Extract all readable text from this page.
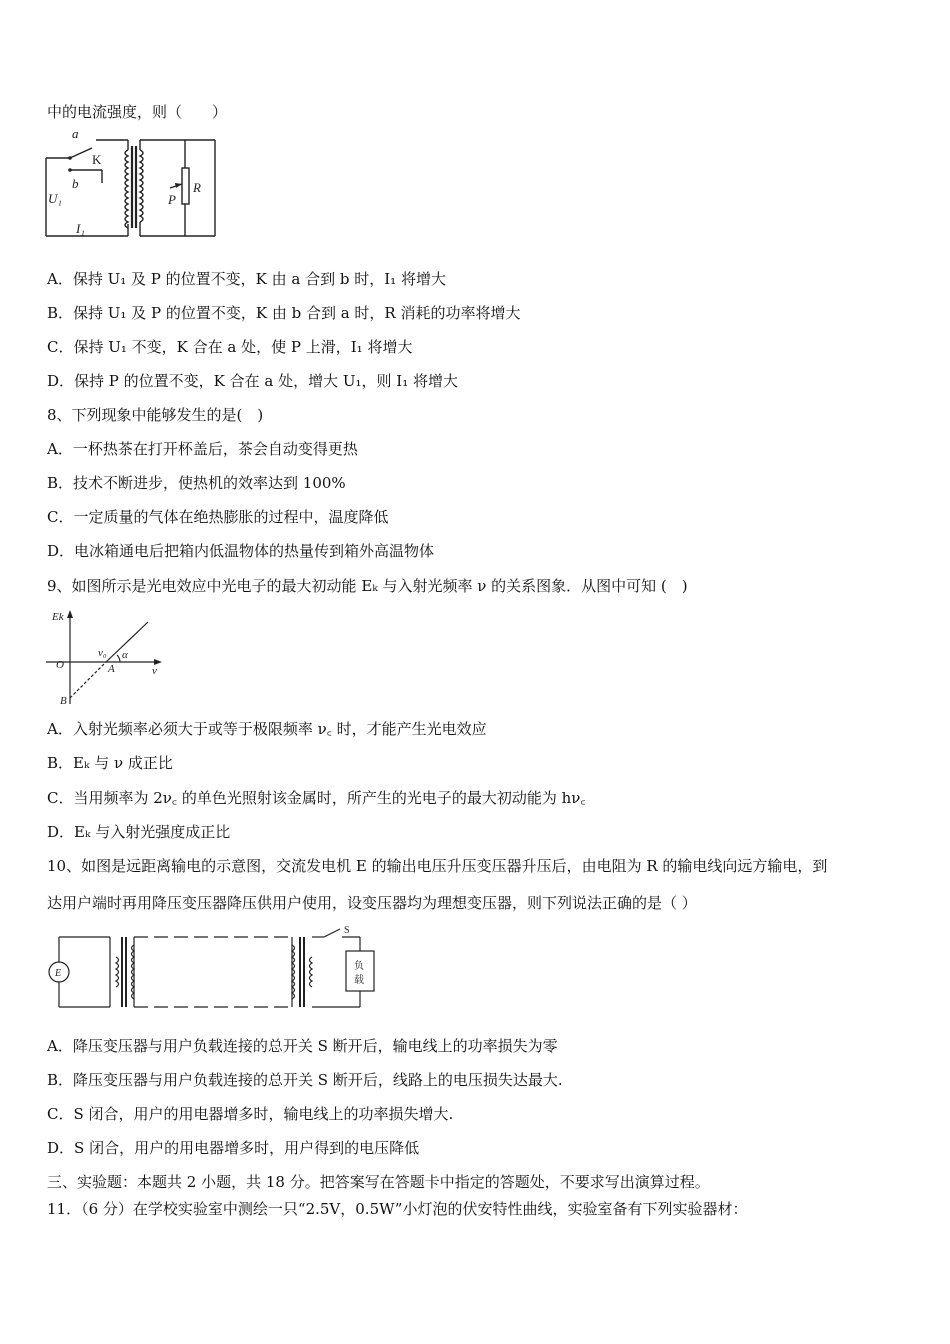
中的电流强度，则（　　）
a
b
U₁
I₁
P
R
K
A．保持 U₁ 及 P 的位置不变，K 由 a 合到 b 时，I₁ 将增大
B．保持 U₁ 及 P 的位置不变，K 由 b 合到 a 时，R 消耗的功率将增大
C．保持 U₁ 不变，K 合在 a 处，使 P 上滑，I₁ 将增大
D．保持 P 的位置不变，K 合在 a 处，增大 U₁，则 I₁ 将增大
8、下列现象中能够发生的是(　)
A．一杯热茶在打开杯盖后，茶会自动变得更热
B．技术不断进步，使热机的效率达到 100%
C．一定质量的气体在绝热膨胀的过程中，温度降低
D．电冰箱通电后把箱内低温物体的热量传到箱外高温物体
9、如图所示是光电效应中光电子的最大初动能 Eₖ 与入射光频率 ν 的关系图象．从图中可知 (　)
Ek
O
ν₀
A
α
ν
B
A．入射光频率必须大于或等于极限频率 ν꜀ 时，才能产生光电效应
B．Eₖ 与 ν 成正比
C．当用频率为 2ν꜀ 的单色光照射该金属时，所产生的光电子的最大初动能为 hν꜀
D．Eₖ 与入射光强度成正比
10、如图是远距离输电的示意图，交流发电机 E 的输出电压升压变压器升压后，由电阻为 R 的输电线向远方输电，到
达用户端时再用降压变压器降压供用户使用，设变压器均为理想变压器，则下列说法正确的是（ ）
E
S
负
载
A．降压变压器与用户负载连接的总开关 S 断开后，输电线上的功率损失为零
B．降压变压器与用户负载连接的总开关 S 断开后，线路上的电压损失达最大.
C．S 闭合，用户的用电器增多时，输电线上的功率损失增大.
D．S 闭合，用户的用电器增多时，用户得到的电压降低
三、实验题：本题共 2 小题，共 18 分。把答案写在答题卡中指定的答题处，不要求写出演算过程。
11．（6 分）在学校实验室中测绘一只“2.5V，0.5W”小灯泡的伏安特性曲线，实验室备有下列实验器材：
